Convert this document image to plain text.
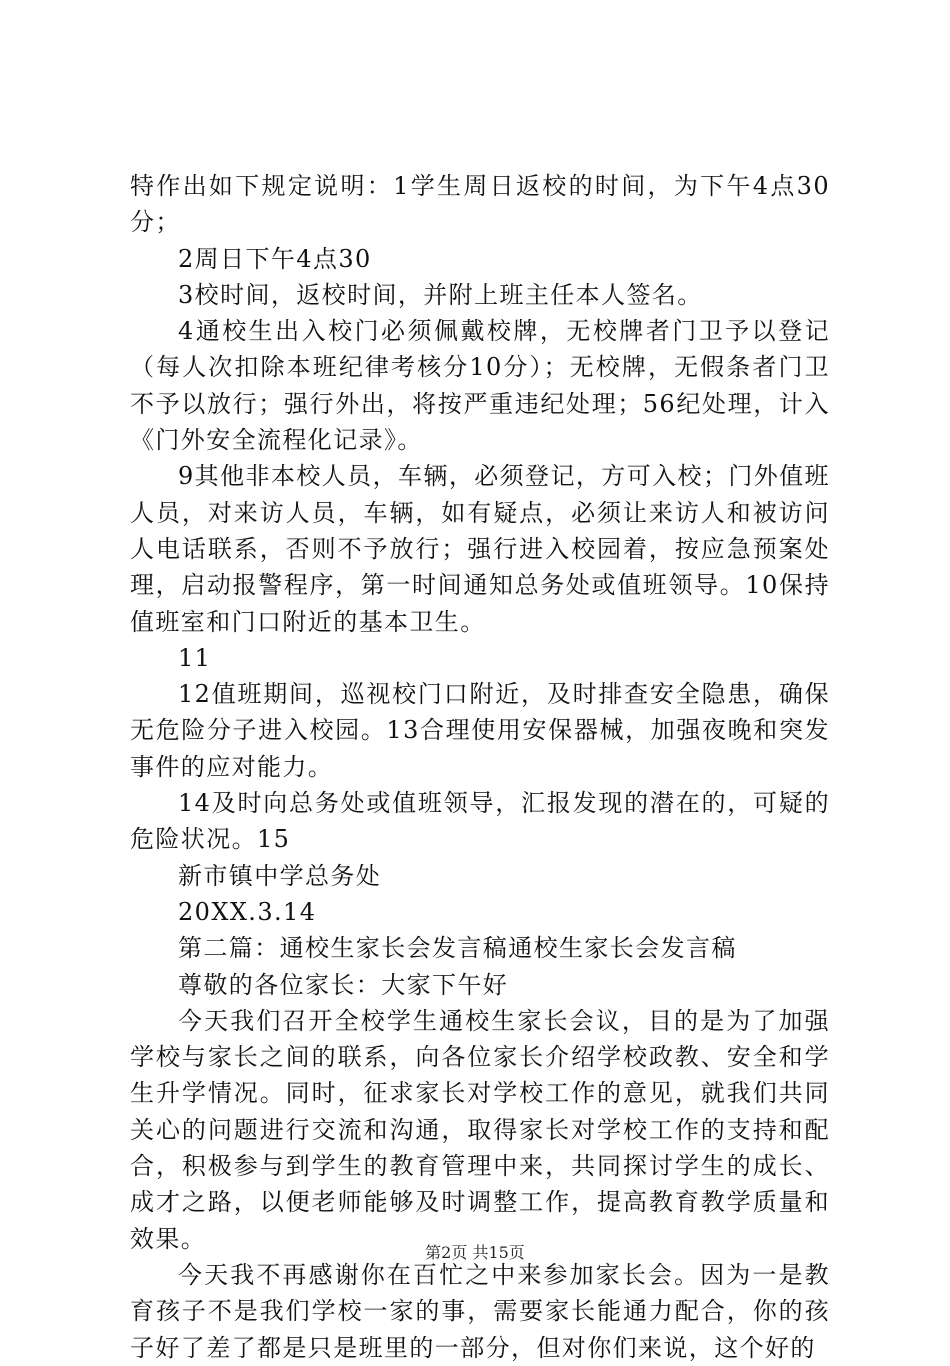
特作出如下规定说明：1学生周日返校的时间，为下午4点30分；

2周日下午4点30

3校时间，返校时间，并附上班主任本人签名。

4通校生出入校门必须佩戴校牌，无校牌者门卫予以登记（每人次扣除本班纪律考核分10分）；无校牌，无假条者门卫不予以放行；强行外出，将按严重违纪处理；56纪处理，计入《门外安全流程化记录》。

9其他非本校人员，车辆，必须登记，方可入校；门外值班人员，对来访人员，车辆，如有疑点，必须让来访人和被访问人电话联系，否则不予放行；强行进入校园着，按应急预案处理，启动报警程序，第一时间通知总务处或值班领导。10保持值班室和门口附近的基本卫生。

11

12值班期间，巡视校门口附近，及时排查安全隐患，确保无危险分子进入校园。13合理使用安保器械，加强夜晚和突发事件的应对能力。

14及时向总务处或值班领导，汇报发现的潜在的，可疑的危险状况。15

新市镇中学总务处

20XX.3.14

第二篇：通校生家长会发言稿通校生家长会发言稿

尊敬的各位家长：大家下午好

今天我们召开全校学生通校生家长会议，目的是为了加强学校与家长之间的联系，向各位家长介绍学校政教、安全和学生升学情况。同时，征求家长对学校工作的意见，就我们共同关心的问题进行交流和沟通，取得家长对学校工作的支持和配合，积极参与到学生的教育管理中来，共同探讨学生的成长、成才之路，以便老师能够及时调整工作，提高教育教学质量和效果。

今天我不再感谢你在百忙之中来参加家长会。因为一是教育孩子不是我们学校一家的事，需要家长能通力配合，你的孩子好了差了都是只是班里的一部分，但对你们来说，这个好的

第2页 共15页
